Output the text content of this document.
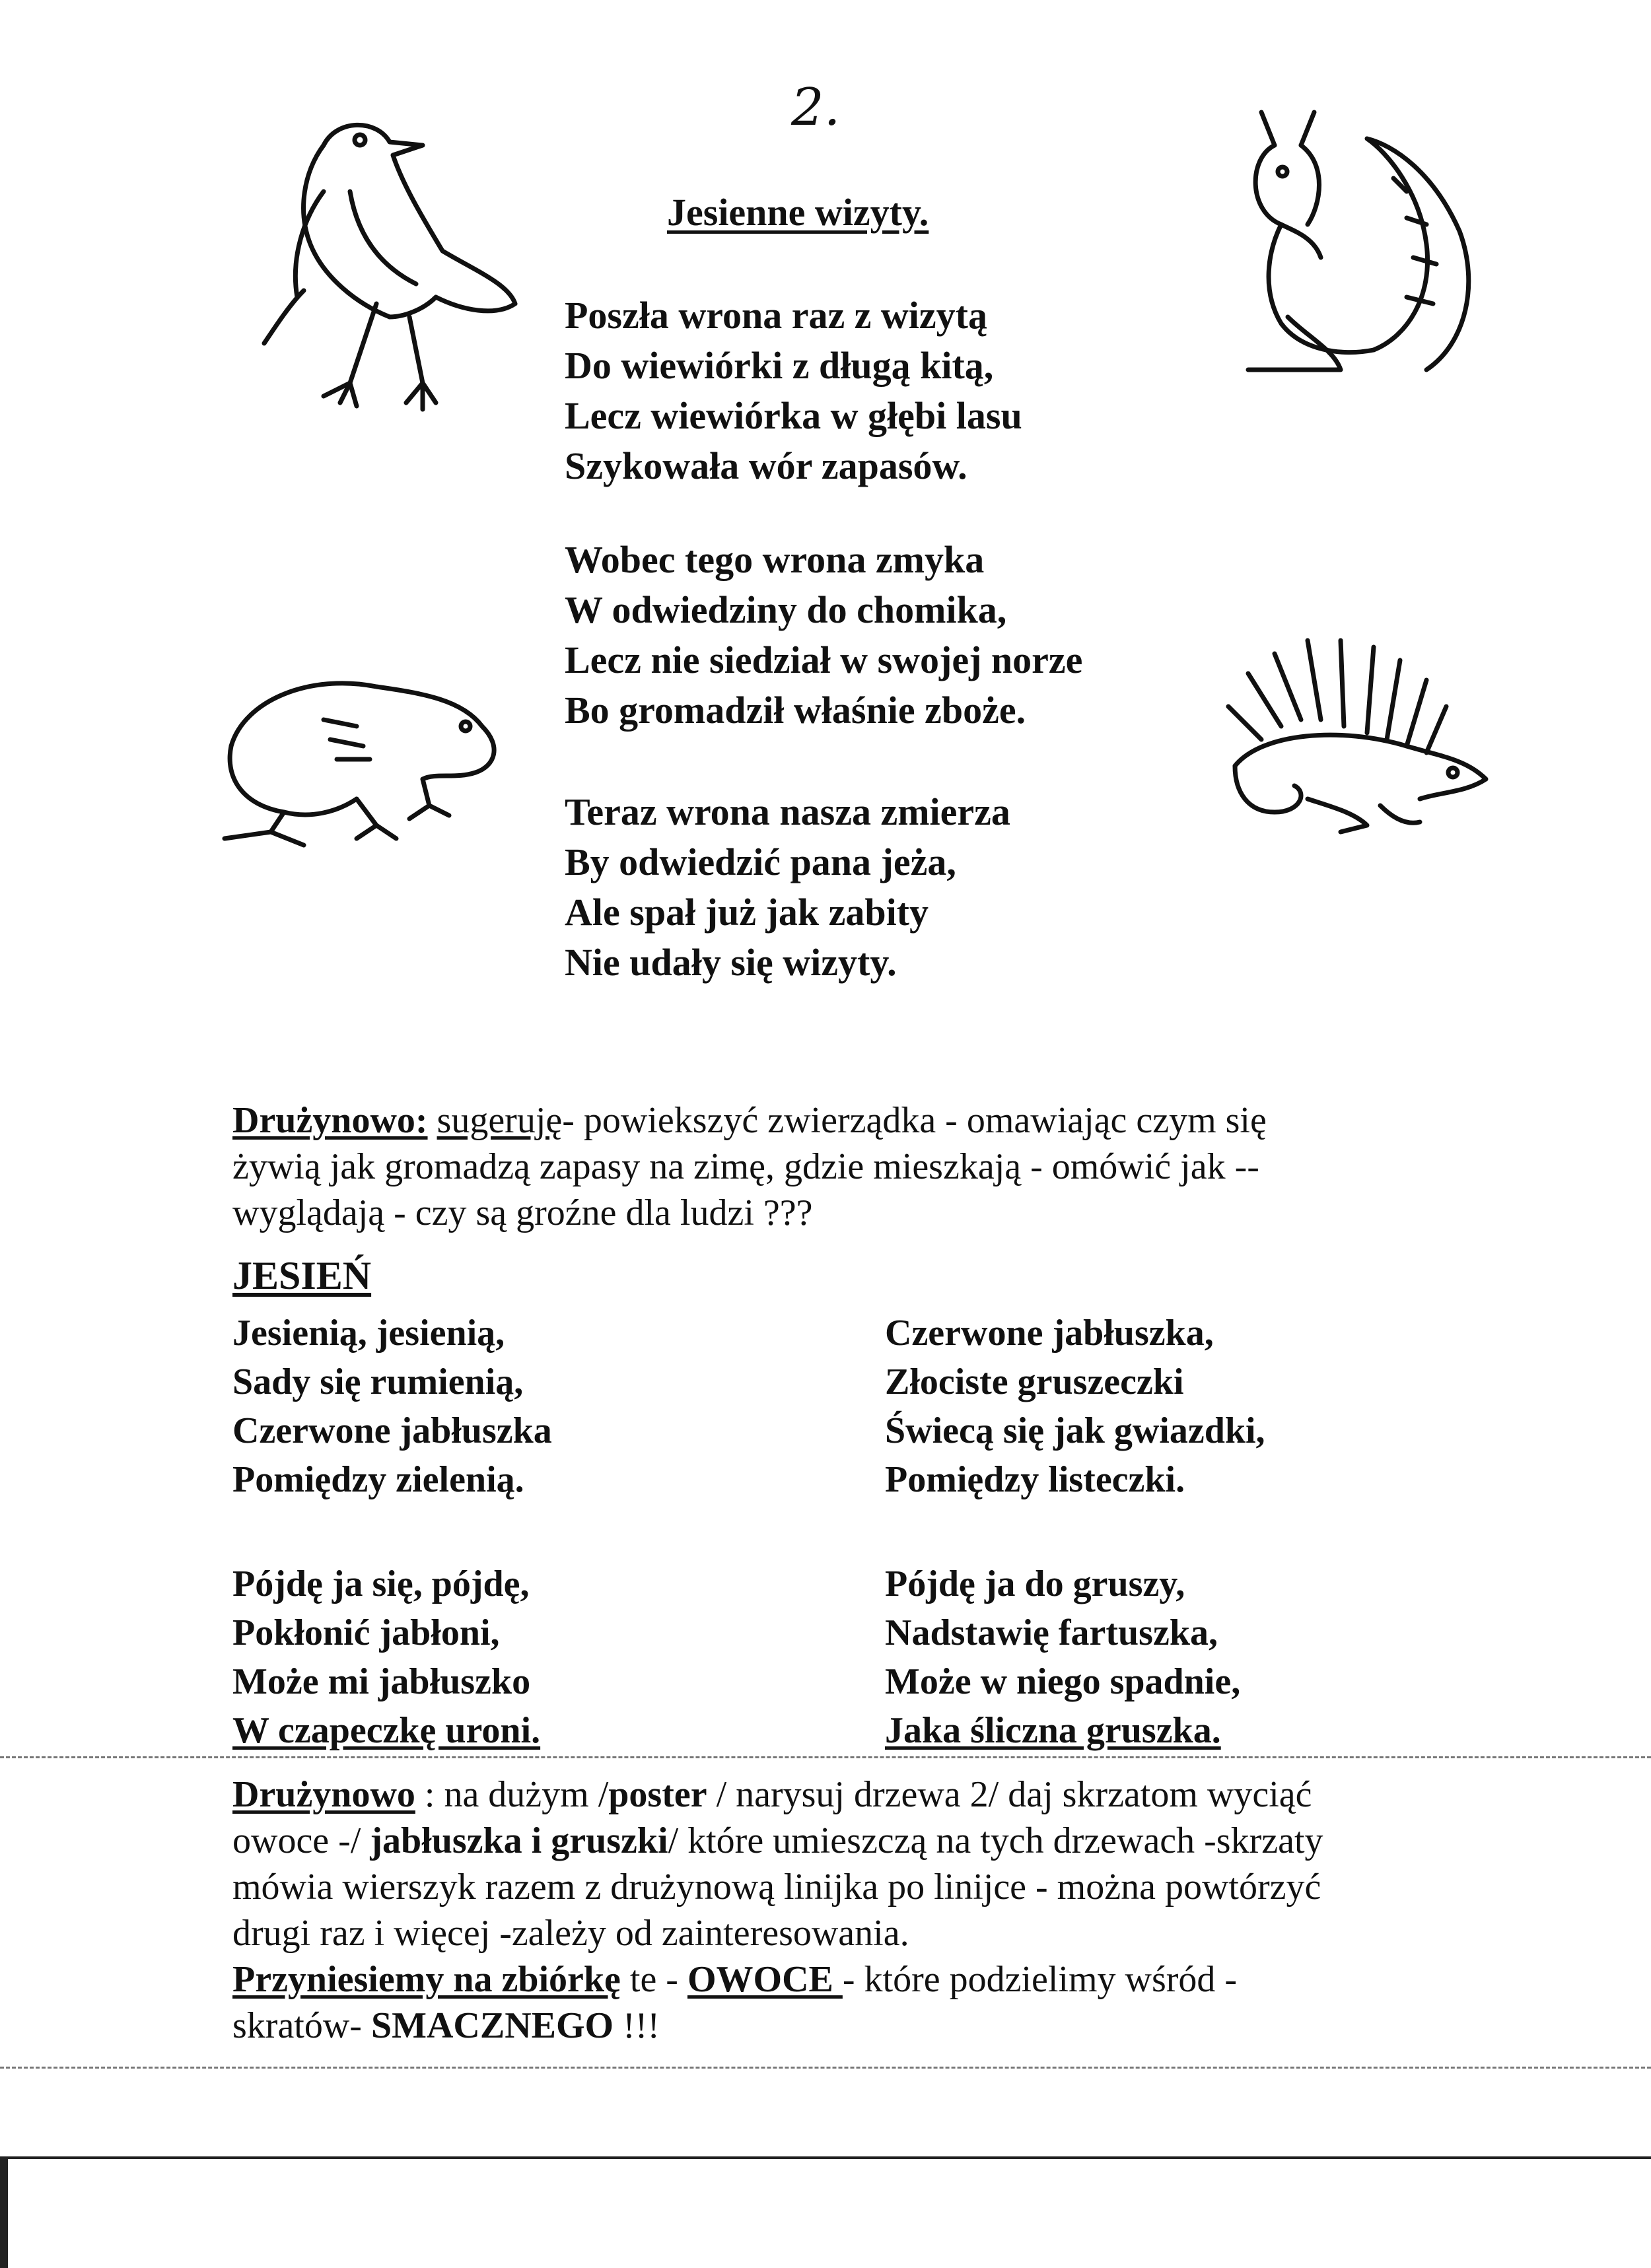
2.
Jesienne wizyty.
Poszła wrona raz z wizytą
Do wiewiórki z długą kitą,
Lecz wiewiórka w głębi lasu
Szykowała wór zapasów.
Wobec tego wrona zmyka
W odwiedziny do chomika,
Lecz nie siedział w swojej norze
Bo gromadził właśnie zboże.
Teraz wrona nasza zmierza
By odwiedzić pana jeża,
Ale spał już jak zabity
Nie udały się wizyty.
Drużynowo: sugeruję- powiekszyć zwierządka - omawiając czym się
żywią jak gromadzą zapasy na zimę, gdzie mieszkają - omówić jak --
wyglądają - czy są groźne dla ludzi ???
JESIEŃ
Jesienią, jesienią,
Sady się rumienią,
Czerwone jabłuszka
Pomiędzy zielenią.
Czerwone jabłuszka,
Złociste gruszeczki
Świecą się jak gwiazdki,
Pomiędzy listeczki.
Pójdę ja się, pójdę,
Pokłonić jabłoni,
Może mi jabłuszko
W czapeczkę uroni.
Pójdę ja do gruszy,
Nadstawię fartuszka,
Może w niego spadnie,
Jaka śliczna gruszka.
Drużynowo : na dużym /poster / narysuj drzewa 2/ daj skrzatom wyciąć
owoce -/ jabłuszka i gruszki/ które umieszczą na tych drzewach -skrzaty
mówia wierszyk razem z drużynową linijka po linijce - można powtórzyć
drugi raz i więcej -zależy od zainteresowania.
Przyniesiemy na zbiórkę te - OWOCE - które podzielimy wśród -
skratów- SMACZNEGO !!!
